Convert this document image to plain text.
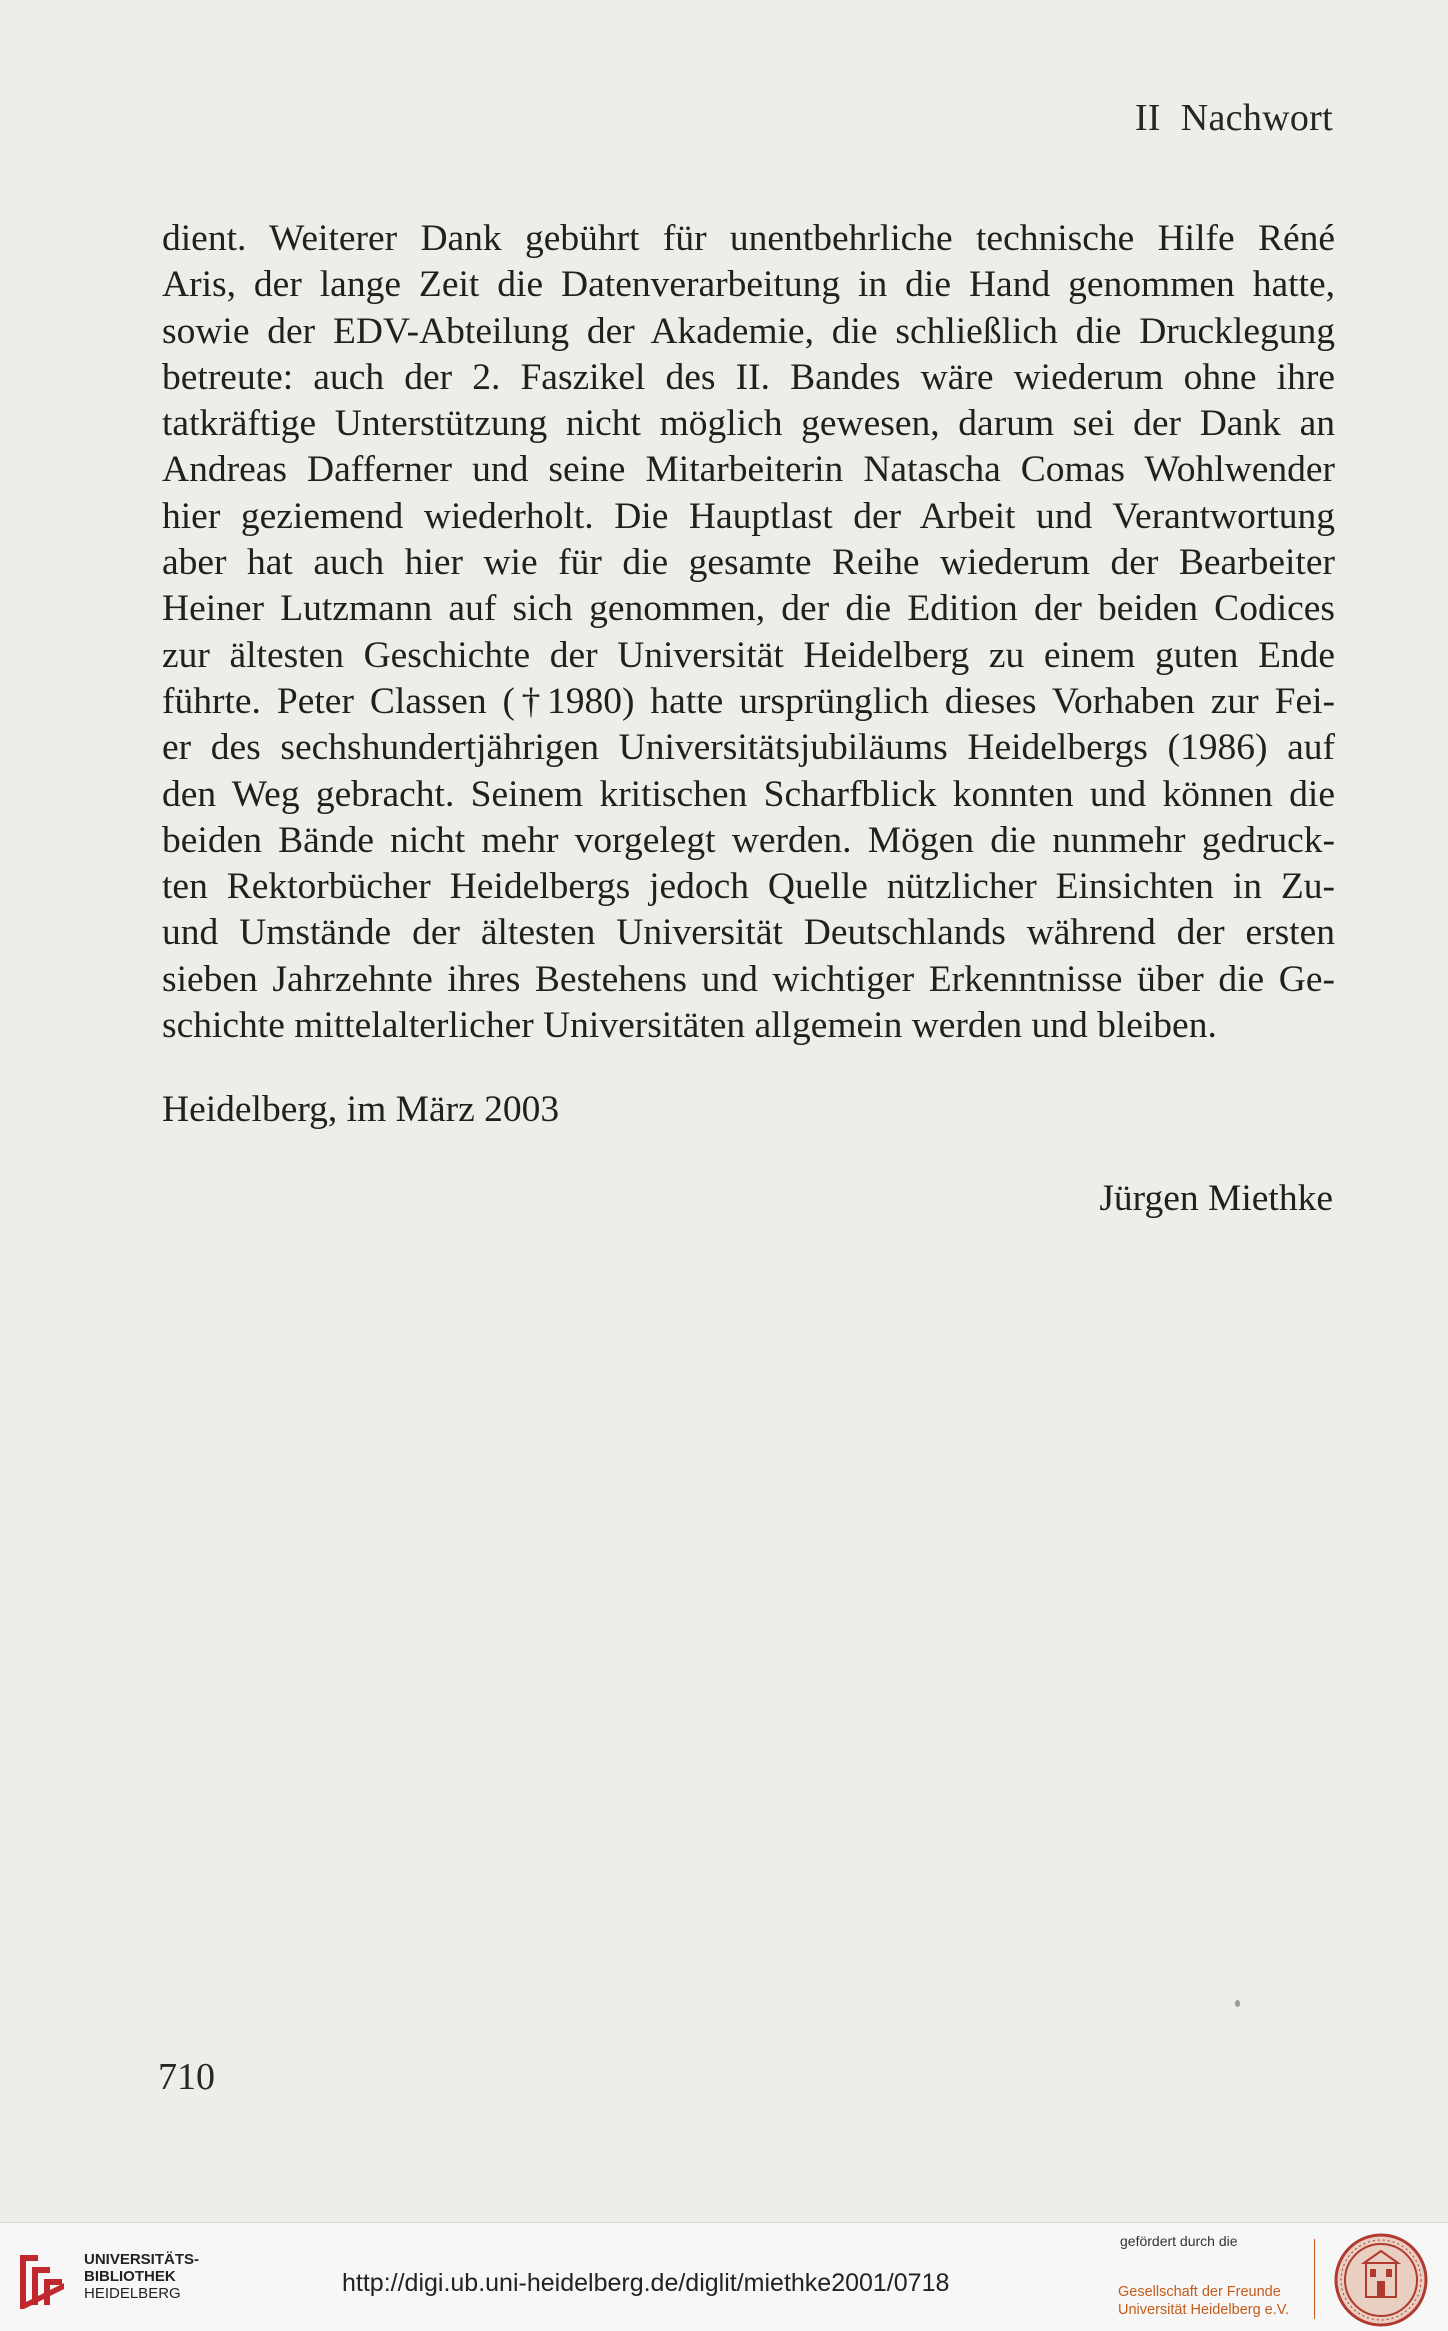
II Nachwort
dient. Weiterer Dank gebührt für unentbehrliche technische Hilfe Réné
Aris, der lange Zeit die Datenverarbeitung in die Hand genommen hatte,
sowie der EDV-Abteilung der Akademie, die schließlich die Drucklegung
betreute: auch der 2. Faszikel des II. Bandes wäre wiederum ohne ihre
tatkräftige Unterstützung nicht möglich gewesen, darum sei der Dank an
Andreas Dafferner und seine Mitarbeiterin Natascha Comas Wohlwender
hier geziemend wiederholt. Die Hauptlast der Arbeit und Verantwortung
aber hat auch hier wie für die gesamte Reihe wiederum der Bearbeiter
Heiner Lutzmann auf sich genommen, der die Edition der beiden Codices
zur ältesten Geschichte der Universität Heidelberg zu einem guten Ende
führte. Peter Classen (†1980) hatte ursprünglich dieses Vorhaben zur Fei-
er des sechshundertjährigen Universitätsjubiläums Heidelbergs (1986) auf
den Weg gebracht. Seinem kritischen Scharfblick konnten und können die
beiden Bände nicht mehr vorgelegt werden. Mögen die nunmehr gedruck-
ten Rektorbücher Heidelbergs jedoch Quelle nützlicher Einsichten in Zu-
und Umstände der ältesten Universität Deutschlands während der ersten
sieben Jahrzehnte ihres Bestehens und wichtiger Erkenntnisse über die Ge-
schichte mittelalterlicher Universitäten allgemein werden und bleiben.
Heidelberg, im März 2003
Jürgen Miethke
710
UNIVERSITÄTS-
BIBLIOTHEK
HEIDELBERG	http://digi.ub.uni-heidelberg.de/diglit/miethke2001/0718
gefördert durch die
Gesellschaft der Freunde
Universität Heidelberg e.V.
